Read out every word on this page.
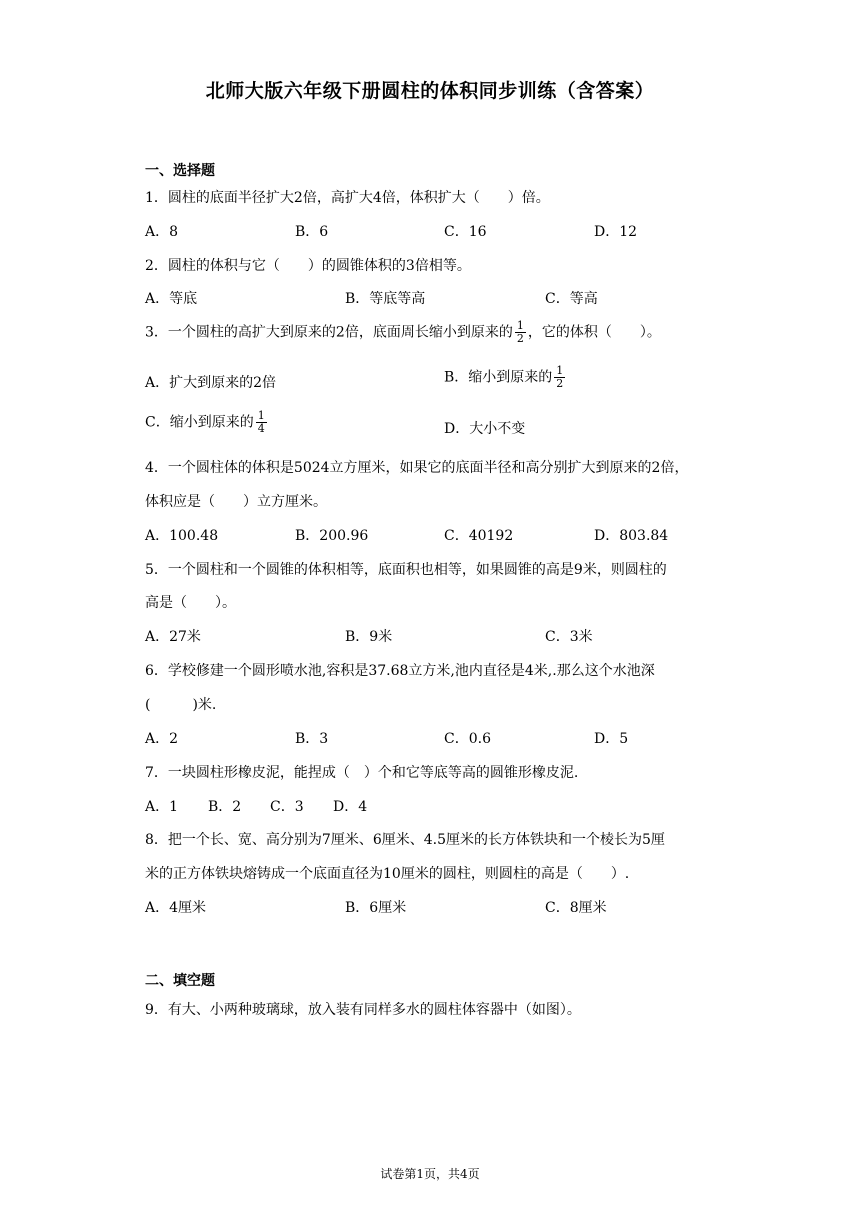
北师大版六年级下册圆柱的体积同步训练（含答案）
一、选择题
1．圆柱的底面半径扩大2倍，高扩大4倍，体积扩大（　　）倍。
A．8	B．6	C．16	D．12
2．圆柱的体积与它（　　）的圆锥体积的3倍相等。
A．等底	B．等底等高	C．等高
3．一个圆柱的高扩大到原来的2倍，底面周长缩小到原来的 $\frac{1}{2}$ ，它的体积（　　）。
A．扩大到原来的2倍	B．缩小到原来的 $\frac{1}{2}$
C．缩小到原来的 $\frac{1}{4}$	D．大小不变
4．一个圆柱体的体积是5024立方厘米，如果它的底面半径和高分别扩大到原来的2倍，
体积应是（　　）立方厘米。
A．100.48	B．200.96	C．40192	D．803.84
5．一个圆柱和一个圆锥的体积相等，底面积也相等，如果圆锥的高是9米，则圆柱的
高是（　　）。
A．27米	B．9米	C．3米
6．学校修建一个圆形喷水池,容积是37.68立方米,池内直径是4米,.那么这个水池深
(　　　)米.
A．2	B．3	C．0.6	D．5
7．一块圆柱形橡皮泥，能捏成（　）个和它等底等高的圆锥形橡皮泥.
A．1 B．2 C．3 D．4
8．把一个长、宽、高分别为7厘米、6厘米、4.5厘米的长方体铁块和一个棱长为5厘
米的正方体铁块熔铸成一个底面直径为10厘米的圆柱，则圆柱的高是（　　）.
A．4厘米	B．6厘米	C．8厘米
二、填空题
9．有大、小两种玻璃球，放入装有同样多水的圆柱体容器中（如图）。
试卷第1页，共4页
